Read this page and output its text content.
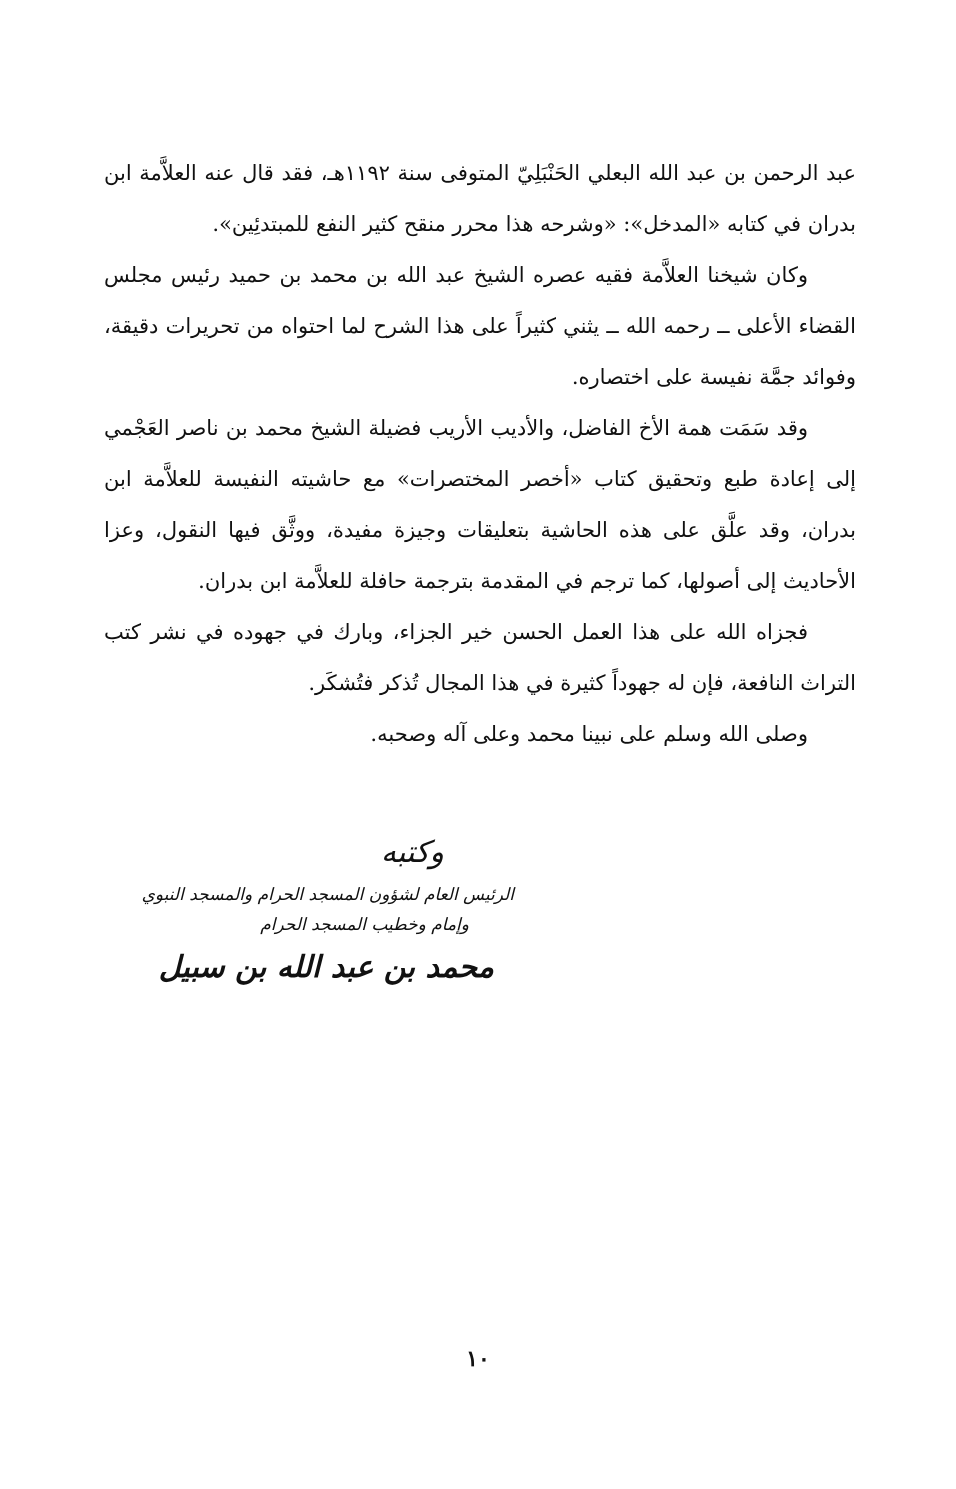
عبد الرحمن بن عبد الله البعلي الحَنْبَلِيّ المتوفى سنة ١١٩٢هـ، فقد قال عنه العلاَّمة ابن بدران في كتابه «المدخل»: «وشرحه هذا محرر منقح كثير النفع للمبتدئِين».

وكان شيخنا العلاَّمة فقيه عصره الشيخ عبد الله بن محمد بن حميد رئيس مجلس القضاء الأعلى ــ رحمه الله ــ يثني كثيراً على هذا الشرح لما احتواه من تحريرات دقيقة، وفوائد جمَّة نفيسة على اختصاره.

وقد سَمَت همة الأخ الفاضل، والأديب الأريب فضيلة الشيخ محمد بن ناصر العَجْمي إلى إعادة طبع وتحقيق كتاب «أخصر المختصرات» مع حاشيته النفيسة للعلاَّمة ابن بدران، وقد علَّق على هذه الحاشية بتعليقات وجيزة مفيدة، ووثَّق فيها النقول، وعزا الأحاديث إلى أصولها، كما ترجم في المقدمة بترجمة حافلة للعلاَّمة ابن بدران.

فجزاه الله على هذا العمل الحسن خير الجزاء، وبارك في جهوده في نشر كتب التراث النافعة، فإن له جهوداً كثيرة في هذا المجال تُذكر فتُشكَر.

وصلى الله وسلم على نبينا محمد وعلى آله وصحبه.

وكتبه
الرئيس العام لشؤون المسجد الحرام والمسجد النبوي
وإمام وخطيب المسجد الحرام
محمد بن عبد الله بن سبيل
١٠
